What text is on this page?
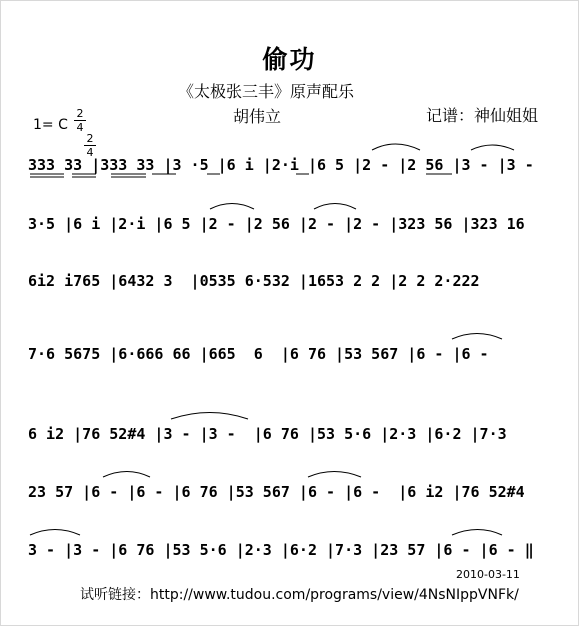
偷功
《太极张三丰》原声配乐
胡伟立	记谱：神仙姐姐
1= C
2
4
2
4
333 33 |333 33 |3 ·5 |6 i |2·i |6 5 |2 - |2 56 |3 - |3 -
3·5 |6 i |2·i |6 5 |2 - |2 56 |2 - |2 - |323 56 |323 16
6i2 i765 |6432 3  |0535 6·532 |1653 2 2 |2 2 2·222
7·6 5675 |6·666 66 |665  6  |6 76 |53 567 |6 - |6 -
6 i2 |76 52#4 |3 - |3 -  |6 76 |53 5·6 |2·3 |6·2 |7·3
23 57 |6 - |6 - |6 76 |53 567 |6 - |6 -  |6 i2 |76 52#4
3 - |3 - |6 76 |53 5·6 |2·3 |6·2 |7·3 |23 57 |6 - |6 - ‖
2010-03-11
试听链接：http://www.tudou.com/programs/view/4NsNIppVNFk/
